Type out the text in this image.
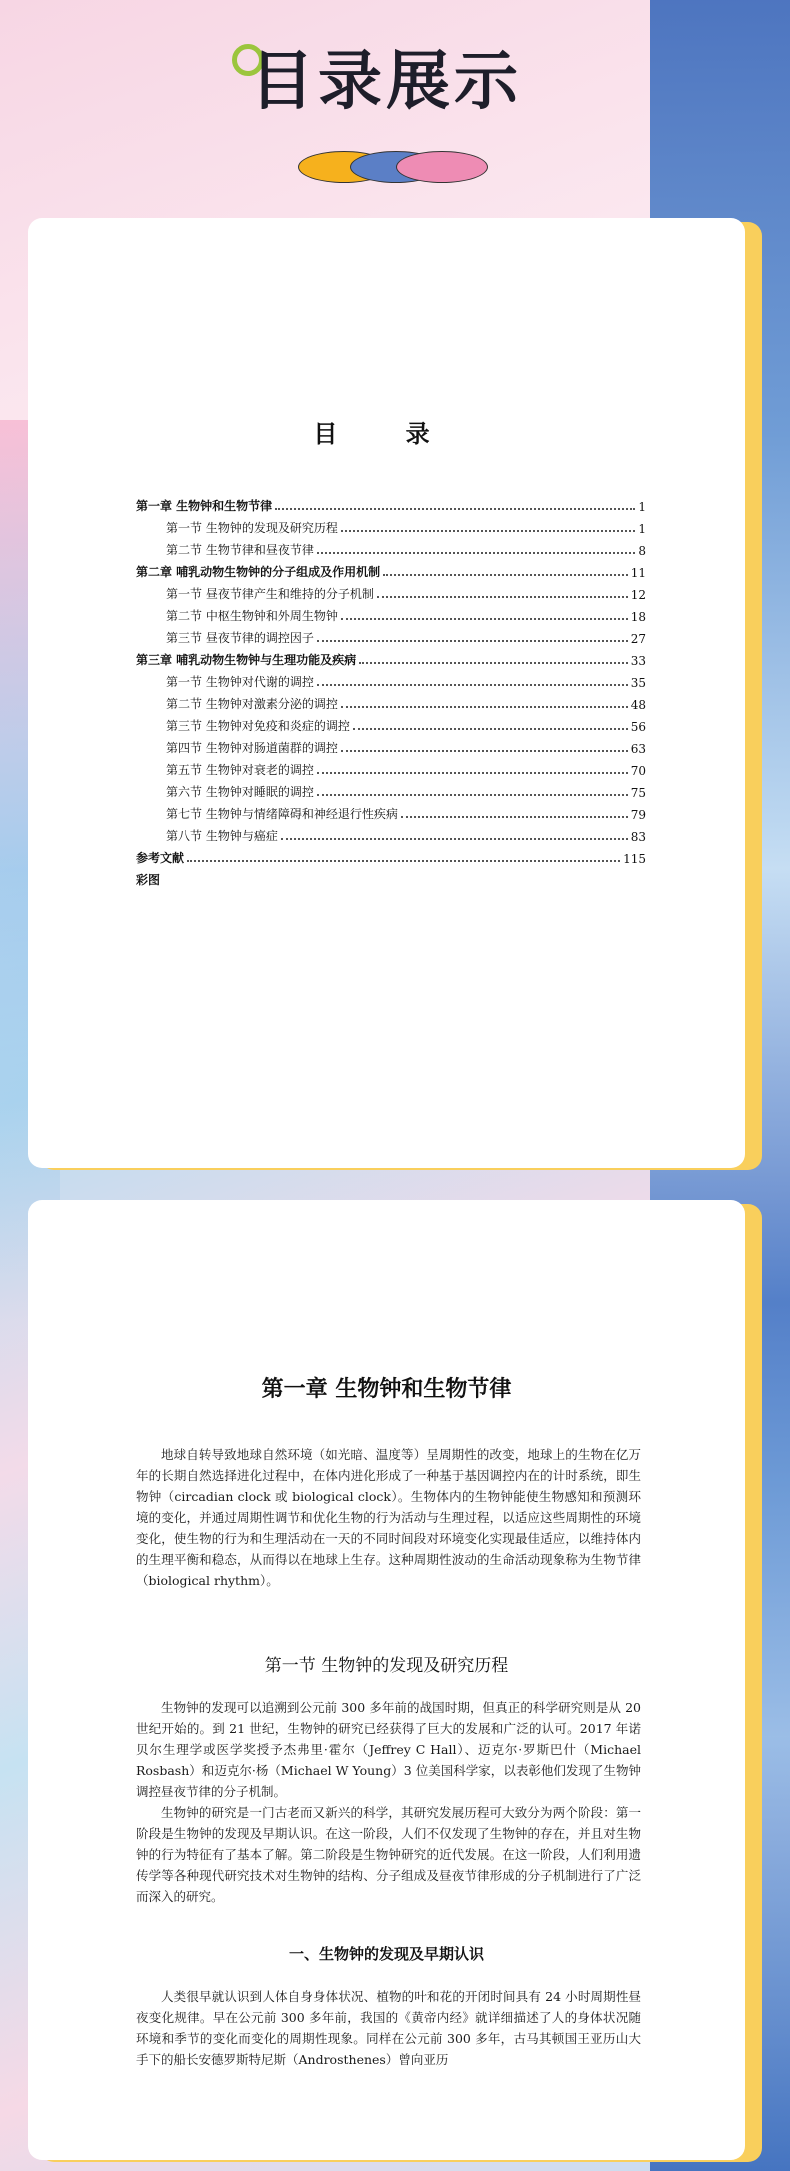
目录展示
目 录
第一章 生物钟和生物节律	1
第一节 生物钟的发现及研究历程	1
第二节 生物节律和昼夜节律	8
第二章 哺乳动物生物钟的分子组成及作用机制	11
第一节 昼夜节律产生和维持的分子机制	12
第二节 中枢生物钟和外周生物钟	18
第三节 昼夜节律的调控因子	27
第三章 哺乳动物生物钟与生理功能及疾病	33
第一节 生物钟对代谢的调控	35
第二节 生物钟对激素分泌的调控	48
第三节 生物钟对免疫和炎症的调控	56
第四节 生物钟对肠道菌群的调控	63
第五节 生物钟对衰老的调控	70
第六节 生物钟对睡眠的调控	75
第七节 生物钟与情绪障碍和神经退行性疾病	79
第八节 生物钟与癌症	83
参考文献	115
彩图
第一章 生物钟和生物节律

地球自转导致地球自然环境（如光暗、温度等）呈周期性的改变，地球上的生物在亿万年的长期自然选择进化过程中，在体内进化形成了一种基于基因调控内在的计时系统，即生物钟（circadian clock 或 biological clock）。生物体内的生物钟能使生物感知和预测环境的变化，并通过周期性调节和优化生物的行为活动与生理过程，以适应这些周期性的环境变化，使生物的行为和生理活动在一天的不同时间段对环境变化实现最佳适应，以维持体内的生理平衡和稳态，从而得以在地球上生存。这种周期性波动的生命活动现象称为生物节律（biological rhythm）。

第一节 生物钟的发现及研究历程

生物钟的发现可以追溯到公元前 300 多年前的战国时期，但真正的科学研究则是从 20 世纪开始的。到 21 世纪，生物钟的研究已经获得了巨大的发展和广泛的认可。2017 年诺贝尔生理学或医学奖授予杰弗里·霍尔（Jeffrey C Hall）、迈克尔·罗斯巴什（Michael Rosbash）和迈克尔·杨（Michael W Young）3 位美国科学家，以表彰他们发现了生物钟调控昼夜节律的分子机制。

生物钟的研究是一门古老而又新兴的科学，其研究发展历程可大致分为两个阶段：第一阶段是生物钟的发现及早期认识。在这一阶段，人们不仅发现了生物钟的存在，并且对生物钟的行为特征有了基本了解。第二阶段是生物钟研究的近代发展。在这一阶段，人们利用遗传学等各种现代研究技术对生物钟的结构、分子组成及昼夜节律形成的分子机制进行了广泛而深入的研究。

一、生物钟的发现及早期认识

人类很早就认识到人体自身身体状况、植物的叶和花的开闭时间具有 24 小时周期性昼夜变化规律。早在公元前 300 多年前，我国的《黄帝内经》就详细描述了人的身体状况随环境和季节的变化而变化的周期性现象。同样在公元前 300 多年，古马其顿国王亚历山大手下的船长安德罗斯特尼斯（Androsthenes）曾向亚历
